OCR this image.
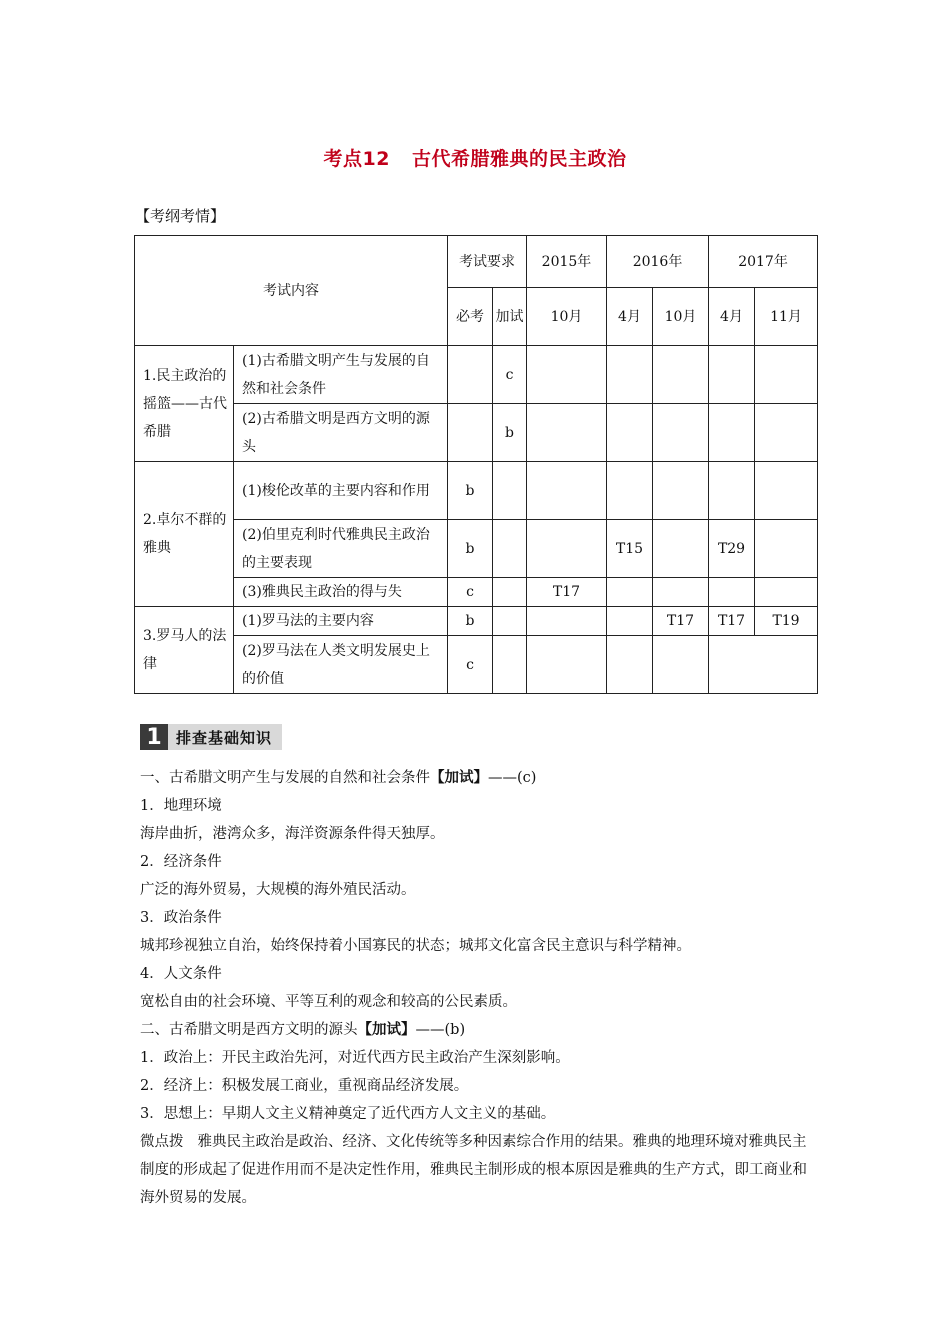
考点12 古代希腊雅典的民主政治
【考纲考情】
考试内容		考试要求		2015年	2016年		2017年	
		必考	加试	10月	4月	10月	4月	11月
1.民主政治的摇篮——古代希腊	(1)古希腊文明产生与发展的自然和社会条件		c					
	(2)古希腊文明是西方文明的源头		b					
2.卓尔不群的雅典	(1)梭伦改革的主要内容和作用	b						
	(2)伯里克利时代雅典民主政治的主要表现	b			T15		T29	
	(3)雅典民主政治的得与失	c		T17				
3.罗马人的法律	(1)罗马法的主要内容	b				T17	T17	T19
	(2)罗马法在人类文明发展史上的价值	c						
1 排查基础知识

一、古希腊文明产生与发展的自然和社会条件【加试】——(c)

1．地理环境

海岸曲折，港湾众多，海洋资源条件得天独厚。

2．经济条件

广泛的海外贸易，大规模的海外殖民活动。

3．政治条件

城邦珍视独立自治，始终保持着小国寡民的状态；城邦文化富含民主意识与科学精神。

4．人文条件

宽松自由的社会环境、平等互利的观念和较高的公民素质。

二、古希腊文明是西方文明的源头【加试】——(b)

1．政治上：开民主政治先河，对近代西方民主政治产生深刻影响。

2．经济上：积极发展工商业，重视商品经济发展。

3．思想上：早期人文主义精神奠定了近代西方人文主义的基础。

微点拨 雅典民主政治是政治、经济、文化传统等多种因素综合作用的结果。雅典的地理环境对雅典民主制度的形成起了促进作用而不是决定性作用，雅典民主制形成的根本原因是雅典的生产方式，即工商业和海外贸易的发展。
